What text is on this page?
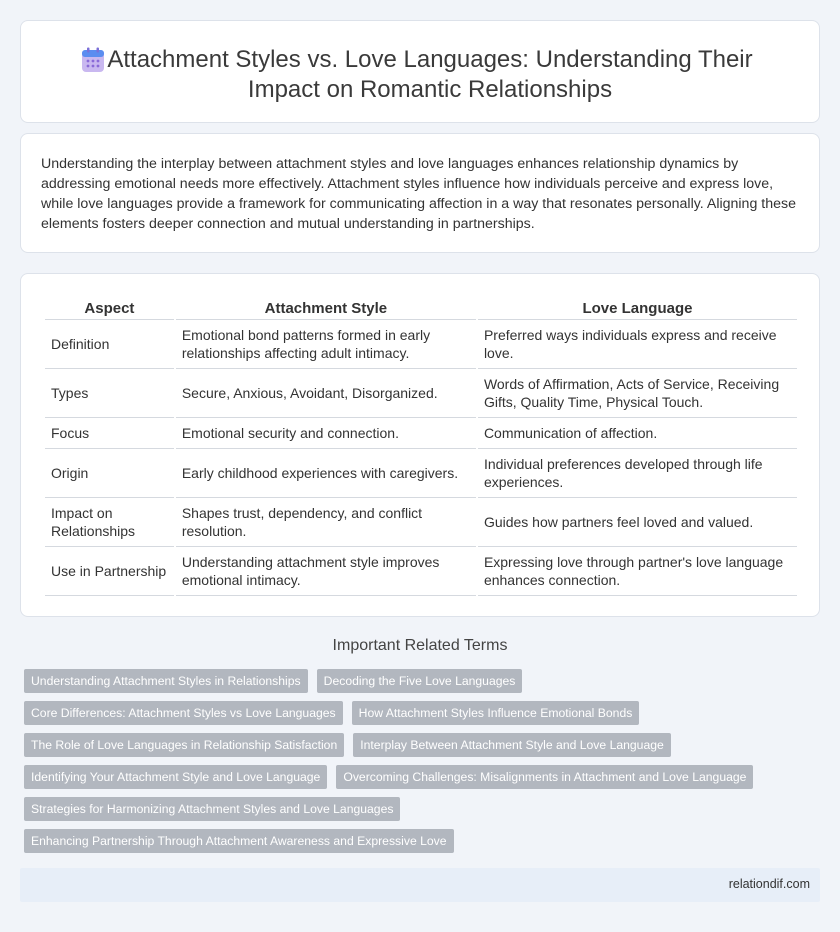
Attachment Styles vs. Love Languages: Understanding Their Impact on Romantic Relationships

Understanding the interplay between attachment styles and love languages enhances relationship dynamics by addressing emotional needs more effectively. Attachment styles influence how individuals perceive and express love, while love languages provide a framework for communicating affection in a way that resonates personally. Aligning these elements fosters deeper connection and mutual understanding in partnerships.

Aspect	Attachment Style	Love Language
Definition	Emotional bond patterns formed in early relationships affecting adult intimacy.	Preferred ways individuals express and receive love.
Types	Secure, Anxious, Avoidant, Disorganized.	Words of Affirmation, Acts of Service, Receiving Gifts, Quality Time, Physical Touch.
Focus	Emotional security and connection.	Communication of affection.
Origin	Early childhood experiences with caregivers.	Individual preferences developed through life experiences.
Impact on Relationships	Shapes trust, dependency, and conflict resolution.	Guides how partners feel loved and valued.
Use in Partnership	Understanding attachment style improves emotional intimacy.	Expressing love through partner's love language enhances connection.
Important Related Terms
Understanding Attachment Styles in Relationships	Decoding the Five Love Languages
Core Differences: Attachment Styles vs Love Languages	How Attachment Styles Influence Emotional Bonds
The Role of Love Languages in Relationship Satisfaction	Interplay Between Attachment Style and Love Language
Identifying Your Attachment Style and Love Language	Overcoming Challenges: Misalignments in Attachment and Love Language
Strategies for Harmonizing Attachment Styles and Love Languages
Enhancing Partnership Through Attachment Awareness and Expressive Love
relationdif.com
